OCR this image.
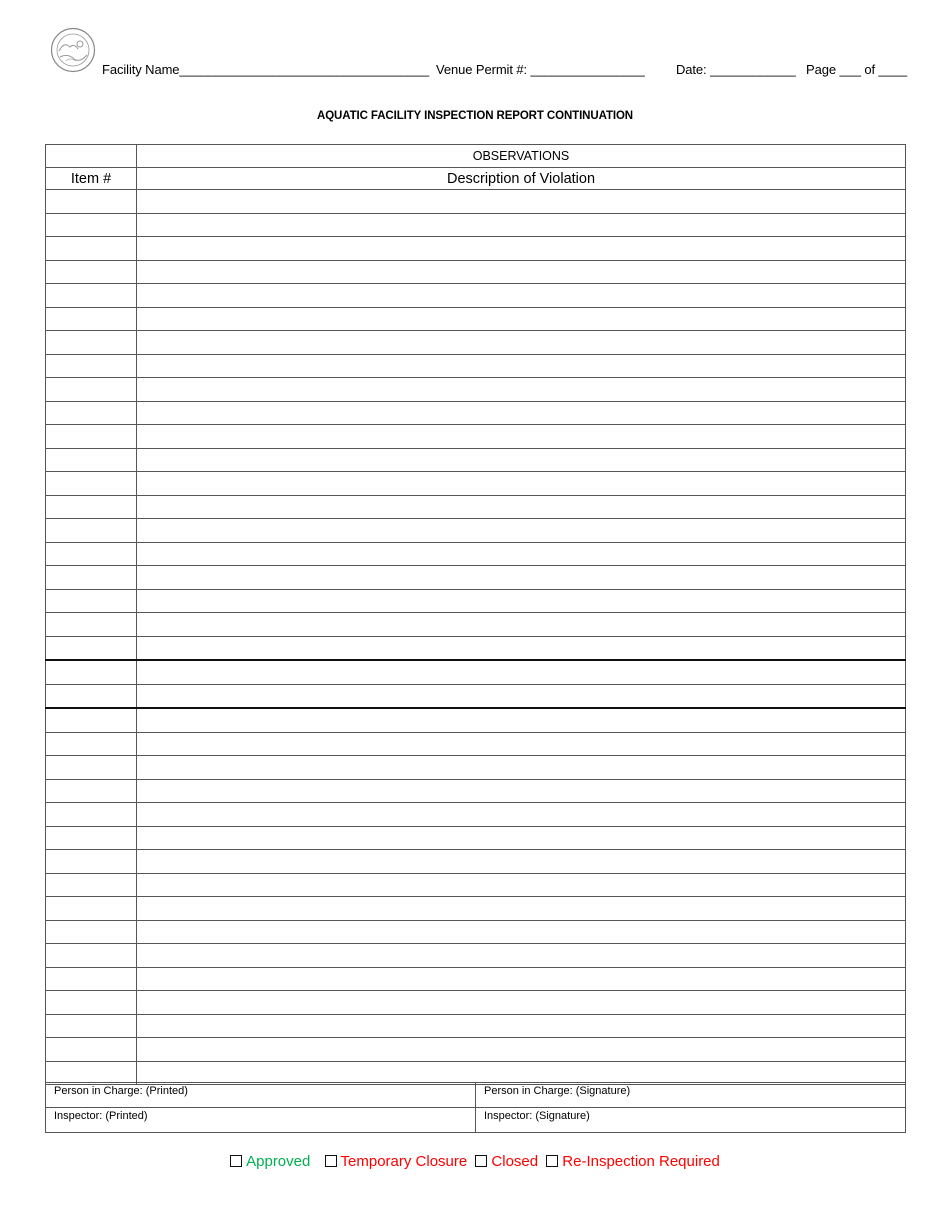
Facility Name___________________________________ Venue Permit #: ________________ Date: ____________ Page ___ of ____
AQUATIC FACILITY INSPECTION REPORT CONTINUATION
	OBSERVATIONS
Item #	Description of Violation

Person in Charge: (Printed)	Person in Charge: (Signature)
Inspector: (Printed)	Inspector: (Signature)
Approved Temporary Closure Closed Re-Inspection Required
